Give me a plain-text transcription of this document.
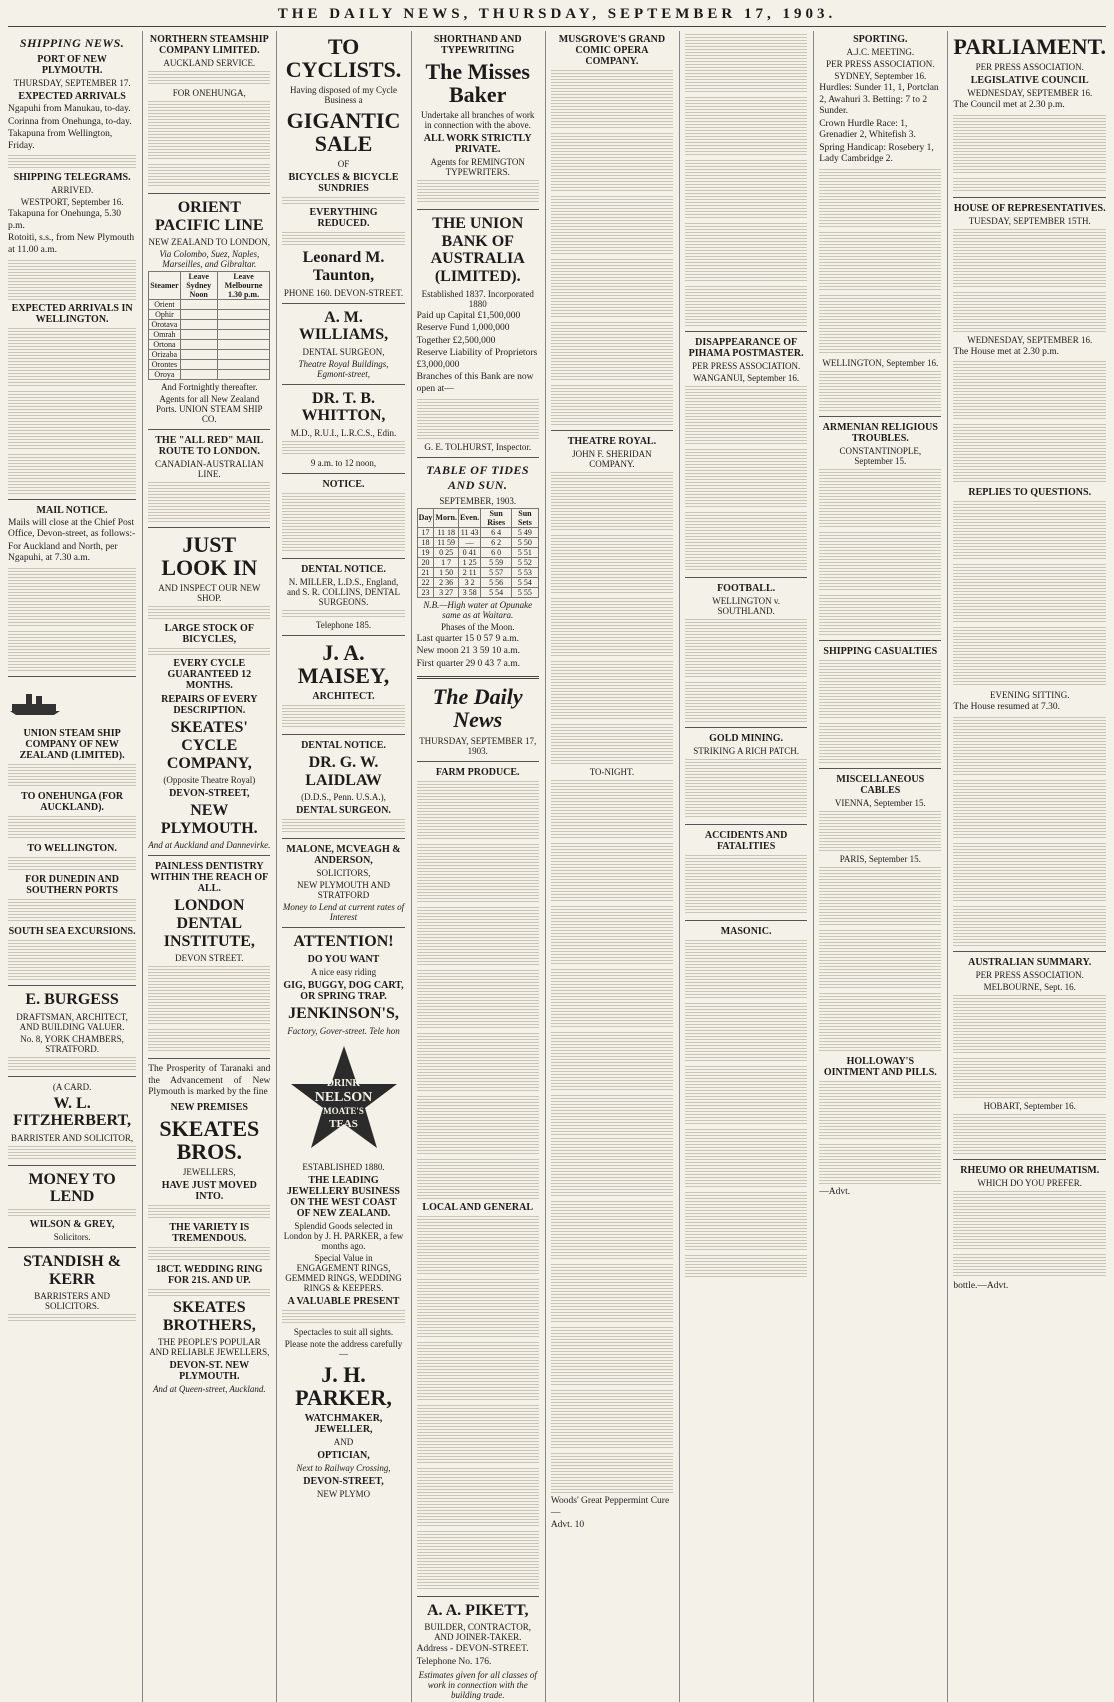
THE DAILY NEWS, THURSDAY, SEPTEMBER 17, 1903.
SHIPPING NEWS.
PORT OF NEW PLYMOUTH.
THURSDAY, SEPTEMBER 17.
EXPECTED ARRIVALS
Ngapuhi from Manukau, to-day.
Corinna from Onehunga, to-day.
Takapuna from Wellington, Friday.
SHIPPING TELEGRAMS.
ARRIVED.
WESTPORT, September 16.
Takapuna for Onehunga, 5.30 p.m.
Rotoiti, s.s., from New Plymouth at 11.00 a.m.
EXPECTED ARRIVALS IN WELLINGTON.
MAIL NOTICE.
Mails will close at the Chief Post Office, Devon-street, as follows:-
For Auckland and North, per Ngapuhi, at 7.30 a.m.
UNION STEAM SHIP COMPANY OF NEW ZEALAND (LIMITED).
TO ONEHUNGA (FOR AUCKLAND).
TO WELLINGTON.
FOR DUNEDIN AND SOUTHERN PORTS
SOUTH SEA EXCURSIONS.
E. BURGESS
DRAFTSMAN, ARCHITECT, AND BUILDING VALUER.
No. 8, YORK CHAMBERS, STRATFORD.
(A CARD.
W. L. FITZHERBERT,
BARRISTER AND SOLICITOR,
MONEY TO LEND
WILSON & GREY,
Solicitors.
STANDISH & KERR
BARRISTERS AND SOLICITORS.
NORTHERN STEAMSHIP COMPANY LIMITED.
AUCKLAND SERVICE.
FOR ONEHUNGA,
ORIENT PACIFIC LINE
NEW ZEALAND TO LONDON,
Via Colombo, Suez, Naples, Marseilles, and Gibraltar.
Steamer	Leave Sydney Noon	Leave Melbourne 1.30 p.m.
Orient		
Ophir		
Orotava		
Omrah		
Ortona		
Orizaba		
Orontes		
Oroya		
And Fortnightly thereafter.
Agents for all New Zealand Ports. UNION STEAM SHIP CO.
THE "ALL RED" MAIL ROUTE TO LONDON.
CANADIAN-AUSTRALIAN LINE.
JUST LOOK IN
AND INSPECT OUR NEW SHOP.
LARGE STOCK OF BICYCLES,
EVERY CYCLE GUARANTEED 12 MONTHS.
REPAIRS OF EVERY DESCRIPTION.
SKEATES' CYCLE COMPANY,
(Opposite Theatre Royal)
DEVON-STREET,
NEW PLYMOUTH.
And at Auckland and Dannevirke.
PAINLESS DENTISTRY WITHIN THE REACH OF ALL.
LONDON DENTAL INSTITUTE,
DEVON STREET.

The Prosperity of Taranaki and the Advancement of New Plymouth is marked by the fine

NEW PREMISES
SKEATES BROS.
JEWELLERS,
HAVE JUST MOVED INTO.
THE VARIETY IS TREMENDOUS.
18CT. WEDDING RING FOR 21S. AND UP.
SKEATES BROTHERS,
THE PEOPLE'S POPULAR AND RELIABLE JEWELLERS,
DEVON-ST. NEW PLYMOUTH.
And at Queen-street, Auckland.
TO CYCLISTS.
Having disposed of my Cycle Business a
GIGANTIC SALE
OF
BICYCLES & BICYCLE SUNDRIES
EVERYTHING REDUCED.
Leonard M. Taunton,
PHONE 160. DEVON-STREET.
A. M. WILLIAMS,
DENTAL SURGEON,
Theatre Royal Buildings, Egmont-street,
DR. T. B. WHITTON,
M.D., R.U.I., L.R.C.S., Edin.
9 a.m. to 12 noon,
NOTICE.
DENTAL NOTICE.
N. MILLER, L.D.S., England, and S. R. COLLINS, DENTAL SURGEONS.
Telephone 185.
J. A. MAISEY,
ARCHITECT.
DENTAL NOTICE.
DR. G. W. LAIDLAW
(D.D.S., Penn. U.S.A.),
DENTAL SURGEON.
MALONE, MCVEAGH & ANDERSON,
SOLICITORS,
NEW PLYMOUTH AND STRATFORD
Money to Lend at current rates of Interest
ATTENTION!
DO YOU WANT
A nice easy riding
GIG, BUGGY, DOG CART, OR SPRING TRAP.
JENKINSON'S,
Factory, Gover-street. Tele hon
DRINK
NELSON
MOATE'S
TEAS
ESTABLISHED 1880.
THE LEADING JEWELLERY BUSINESS ON THE WEST COAST OF NEW ZEALAND.
Splendid Goods selected in London by J. H. PARKER, a few months ago.
Special Value in ENGAGEMENT RINGS, GEMMED RINGS, WEDDING RINGS & KEEPERS.
A VALUABLE PRESENT
Spectacles to suit all sights.
Please note the address carefully—
J. H. PARKER,
WATCHMAKER, JEWELLER,
AND
OPTICIAN,
Next to Railway Crossing,
DEVON-STREET,
NEW PLYMO
SHORTHAND AND TYPEWRITING
The Misses Baker
Undertake all branches of work in connection with the above.
ALL WORK STRICTLY PRIVATE.
Agents for REMINGTON TYPEWRITERS.
THE UNION BANK OF AUSTRALIA (LIMITED).
Established 1837. Incorporated 1880
Paid up Capital £1,500,000
Reserve Fund 1,000,000
Together £2,500,000
Reserve Liability of Proprietors £3,000,000
Branches of this Bank are now open at—
G. E. TOLHURST, Inspector.
TABLE OF TIDES AND SUN.
SEPTEMBER, 1903.
Day	Morn.	Even.	Sun Rises	Sun Sets
17	11 18	11 43	6 4	5 49
18	11 59	—	6 2	5 50
19	0 25	0 41	6 0	5 51
20	1 7	1 25	5 59	5 52
21	1 50	2 11	5 57	5 53
22	2 36	3 2	5 56	5 54
23	3 27	3 58	5 54	5 55
N.B.—High water at Opunake same as at Waitara.
Phases of the Moon.
Last quarter 15 0 57 9 a.m.
New moon 21 3 59 10 a.m.
First quarter 29 0 43 7 a.m.
The Daily News
THURSDAY, SEPTEMBER 17, 1903.
FARM PRODUCE.
LOCAL AND GENERAL
A. A. PIKETT,
BUILDER, CONTRACTOR, AND JOINER-TAKER.
Address - DEVON-STREET.
Telephone No. 176.
Estimates given for all classes of work in connection with the building trade.
MUSGROVE'S GRAND COMIC OPERA COMPANY.
THEATRE ROYAL.
JOHN F. SHERIDAN COMPANY.
TO-NIGHT.
Woods' Great Peppermint Cure—
Advt. 10
DISAPPEARANCE OF PIHAMA POSTMASTER.
PER PRESS ASSOCIATION.
WANGANUI, September 16.
FOOTBALL.
WELLINGTON v. SOUTHLAND.
GOLD MINING.
STRIKING A RICH PATCH.
ACCIDENTS AND FATALITIES
MASONIC.
SPORTING.
A.J.C. MEETING.
PER PRESS ASSOCIATION.
SYDNEY, September 16.
Hurdles: Sunder 11, 1, Portclan 2, Awahuri 3. Betting: 7 to 2 Sunder.
Crown Hurdle Race: 1, Grenadier 2, Whitefish 3.
Spring Handicap: Rosebery 1, Lady Cambridge 2.
WELLINGTON, September 16.
ARMENIAN RELIGIOUS TROUBLES.
CONSTANTINOPLE, September 15.
SHIPPING CASUALTIES
MISCELLANEOUS CABLES
VIENNA, September 15.
PARIS, September 15.
HOLLOWAY'S OINTMENT AND PILLS.
—Advt.
PARLIAMENT.
PER PRESS ASSOCIATION.
LEGISLATIVE COUNCIL
WEDNESDAY, SEPTEMBER 16.
The Council met at 2.30 p.m.
HOUSE OF REPRESENTATIVES.
TUESDAY, SEPTEMBER 15TH.
WEDNESDAY, SEPTEMBER 16.
The House met at 2.30 p.m.
REPLIES TO QUESTIONS.
EVENING SITTING.
The House resumed at 7.30.
AUSTRALIAN SUMMARY.
PER PRESS ASSOCIATION.
MELBOURNE, Sept. 16.
HOBART, September 16.
RHEUMO OR RHEUMATISM.
WHICH DO YOU PREFER.
bottle.—Advt.
